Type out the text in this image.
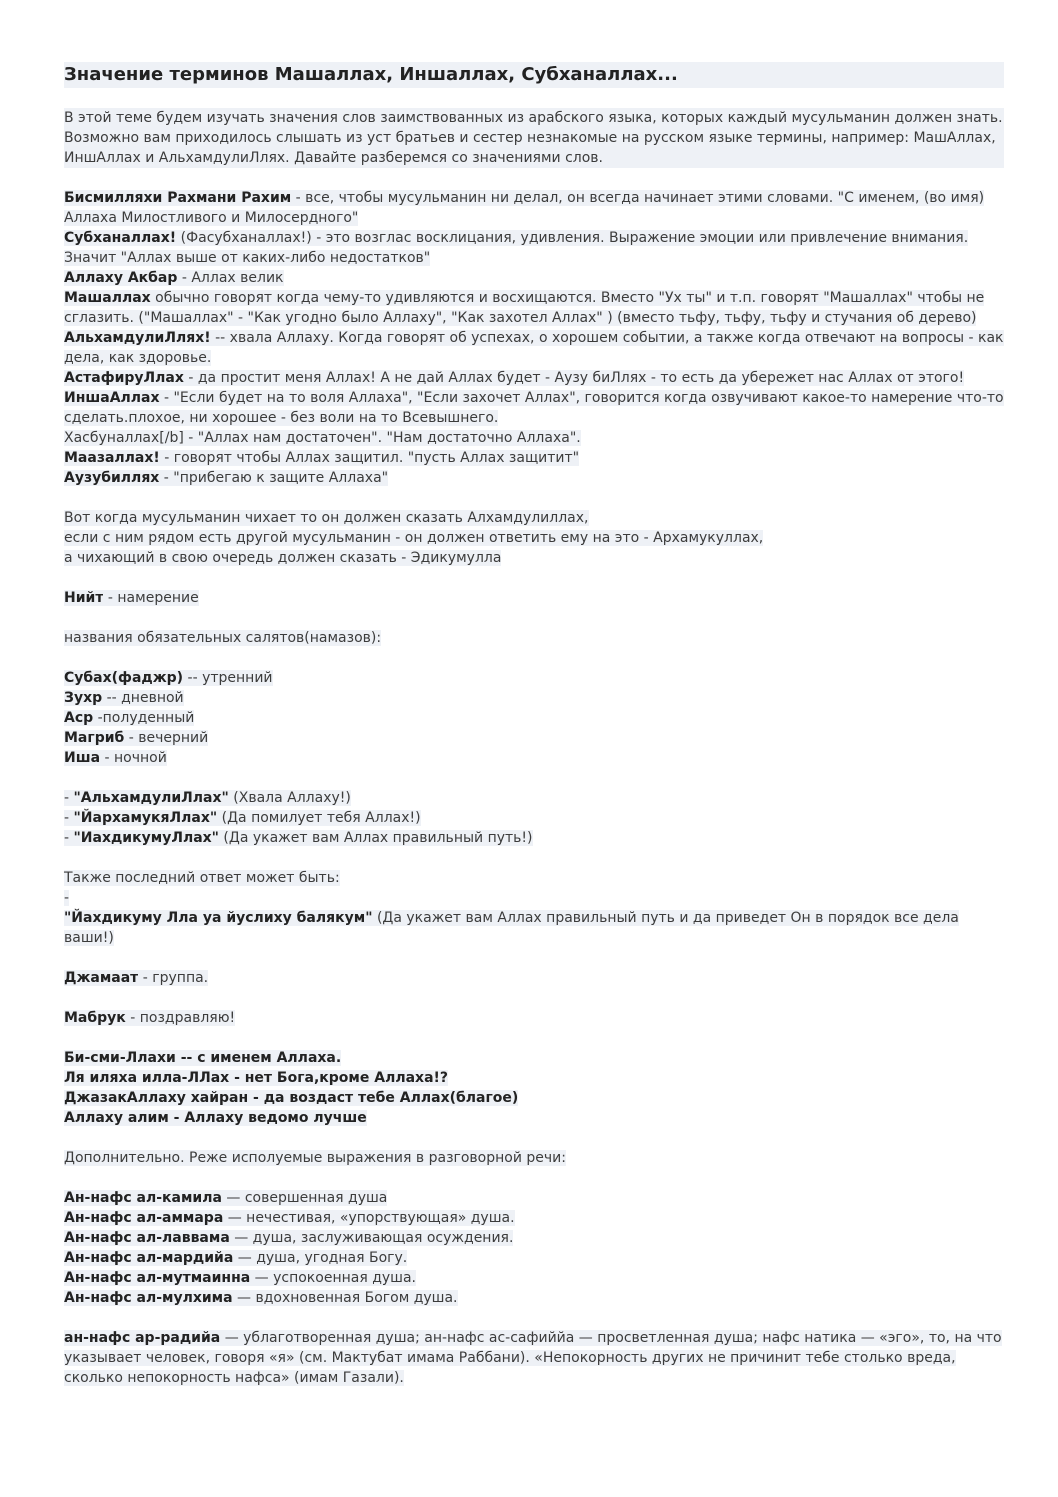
Значение терминов Машаллах, Иншаллах, Субханаллах...

В этой теме будем изучать значения слов заимствованных из арабского языка, которых каждый мусульманин должен знать.

Возможно вам приходилось слышать из уст братьев и сестер незнакомые на русском языке термины, например: МашАллах, ИншАллах и АльхамдулиЛлях. Давайте разберемся со значениями слов.

Бисмилляхи Рахмани Рахим - все, чтобы мусульманин ни делал, он всегда начинает этими словами. "С именем, (во имя) Аллаха Милостливого и Милосердного"

Субханаллах! (Фасубханаллах!) - это возглас восклицания, удивления. Выражение эмоции или привлечение внимания. Значит "Аллах выше от каких-либо недостатков"

Аллаху Акбар - Аллах велик

Машаллах обычно говорят когда чему-то удивляются и восхищаются. Вместо "Ух ты" и т.п. говорят "Машаллах" чтобы не сглазить. ("Машаллах" - "Как угодно было Аллаху", "Как захотел Аллах" ) (вместо тьфу, тьфу, тьфу и стучания об дерево)

АльхамдулиЛлях! -- хвала Аллаху. Когда говорят об успехах, о хорошем событии, а также когда отвечают на вопросы - как дела, как здоровье.

АстафируЛлах - да простит меня Аллах! А не дай Аллах будет - Аузу биЛлях - то есть да убережет нас Аллах от этого!

ИншаАллах - "Если будет на то воля Аллаха", "Если захочет Аллах", говорится когда озвучивают какое-то намерение что-то сделать.плохое, ни хорошее - без воли на то Всевышнего.

Хасбуналлах[/b] - "Аллах нам достаточен". "Нам достаточно Аллаха".

Маазаллах! - говорят чтобы Аллах защитил. "пусть Аллах защитит"

Аузубиллях - "прибегаю к защите Аллаха"

Вот когда мусульманин чихает то он должен сказать Алхамдулиллах,

если с ним рядом есть другой мусульманин - он должен ответить ему на это - Архамукуллах,

а чихающий в свою очередь должен сказать - Эдикумулла

Нийт - намерение

названия обязательных салятов(намазов):

Субах(фаджр) -- утренний

Зухр -- дневной

Аср -полуденный

Магриб - вечерний

Иша - ночной

- "АльхамдулиЛлах" (Хвала Аллаху!)

- "ЙархамукяЛлах" (Да помилует тебя Аллах!)

- "ИахдикумуЛлах" (Да укажет вам Аллах правильный путь!)

Также последний ответ может быть:

-

"Йахдикуму Лла уа йуслиху балякум" (Да укажет вам Аллах правильный путь и да приведет Он в порядок все дела ваши!)

Джамаат - группа.

Мабрук - поздравляю!

Би-сми-Ллахи -- с именем Аллаха.

Ля иляха илла-ЛЛах - нет Бога,кроме Аллаха!?

ДжазакАллаху хайран - да воздаст тебе Аллах(благое)

Аллаху алим - Аллаху ведомо лучше

Дополнительно. Реже исполуемые выражения в разговорной речи:

Ан-нафс ал-камила — совершенная душа

Ан-нафс ал-аммара — нечестивая, «упорствующая» душа.

Ан-нафс ал-лаввама — душа, заслуживающая осуждения.

Ан-нафс ал-мардийа — душа, угодная Богу.

Ан-нафс ал-мутмаинна — успокоенная душа.

Ан-нафс ал-мулхима — вдохновенная Богом душа.

ан-нафс ар-радийа — ублаготворенная душа; ан-нафс ас-сафиййа — просветленная душа; нафс натика — «эго», то, на что указывает человек, говоря «я» (см. Мактубат имама Раббани). «Непокорность других не причинит тебе столько вреда, сколько непокорность нафса» (имам Газали).
